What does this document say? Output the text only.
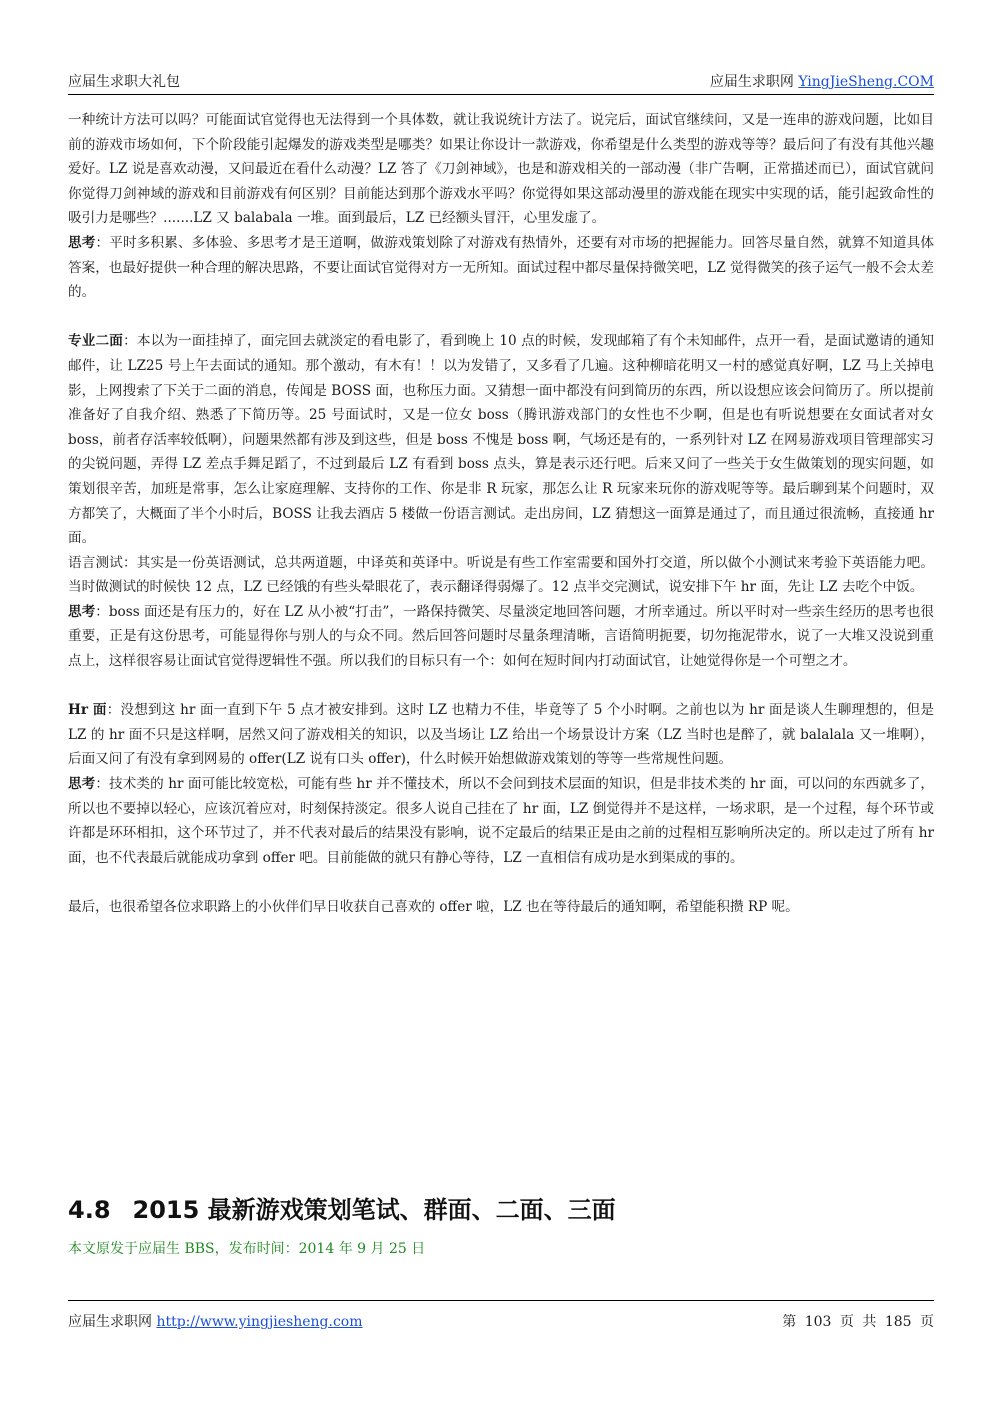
应届生求职大礼包	应届生求职网 YingJieSheng.COM

一种统计方法可以吗？可能面试官觉得也无法得到一个具体数，就让我说统计方法了。说完后，面试官继续问，又是一连串的游戏问题，比如目前的游戏市场如何，下个阶段能引起爆发的游戏类型是哪类？如果让你设计一款游戏，你希望是什么类型的游戏等等？最后问了有没有其他兴趣爱好。LZ 说是喜欢动漫，又问最近在看什么动漫？LZ 答了《刀剑神域》，也是和游戏相关的一部动漫（非广告啊，正常描述而已），面试官就问你觉得刀剑神域的游戏和目前游戏有何区别？目前能达到那个游戏水平吗？你觉得如果这部动漫里的游戏能在现实中实现的话，能引起致命性的吸引力是哪些？.......LZ 又 balabala 一堆。面到最后，LZ 已经额头冒汗，心里发虚了。

思考：平时多积累、多体验、多思考才是王道啊，做游戏策划除了对游戏有热情外，还要有对市场的把握能力。回答尽量自然，就算不知道具体答案，也最好提供一种合理的解决思路，不要让面试官觉得对方一无所知。面试过程中都尽量保持微笑吧，LZ 觉得微笑的孩子运气一般不会太差的。

专业二面：本以为一面挂掉了，面完回去就淡定的看电影了，看到晚上 10 点的时候，发现邮箱了有个未知邮件，点开一看，是面试邀请的通知邮件，让 LZ25 号上午去面试的通知。那个激动，有木有！！以为发错了，又多看了几遍。这种柳暗花明又一村的感觉真好啊，LZ 马上关掉电影，上网搜索了下关于二面的消息，传闻是 BOSS 面，也称压力面。又猜想一面中都没有问到简历的东西，所以设想应该会问简历了。所以提前准备好了自我介绍、熟悉了下简历等。25 号面试时，又是一位女 boss（腾讯游戏部门的女性也不少啊，但是也有听说想要在女面试者对女 boss，前者存活率较低啊），问题果然都有涉及到这些，但是 boss 不愧是 boss 啊，气场还是有的，一系列针对 LZ 在网易游戏项目管理部实习的尖锐问题，弄得 LZ 差点手舞足蹈了，不过到最后 LZ 有看到 boss 点头，算是表示还行吧。后来又问了一些关于女生做策划的现实问题，如策划很辛苦，加班是常事，怎么让家庭理解、支持你的工作、你是非 R 玩家，那怎么让 R 玩家来玩你的游戏呢等等。最后聊到某个问题时，双方都笑了，大概面了半个小时后，BOSS 让我去酒店 5 楼做一份语言测试。走出房间，LZ 猜想这一面算是通过了，而且通过很流畅，直接通 hr 面。

语言测试：其实是一份英语测试，总共两道题，中译英和英译中。听说是有些工作室需要和国外打交道，所以做个小测试来考验下英语能力吧。当时做测试的时候快 12 点，LZ 已经饿的有些头晕眼花了，表示翻译得弱爆了。12 点半交完测试，说安排下午 hr 面，先让 LZ 去吃个中饭。

思考：boss 面还是有压力的，好在 LZ 从小被“打击”，一路保持微笑、尽量淡定地回答问题，才所幸通过。所以平时对一些亲生经历的思考也很重要，正是有这份思考，可能显得你与别人的与众不同。然后回答问题时尽量条理清晰，言语简明扼要，切勿拖泥带水，说了一大堆又没说到重点上，这样很容易让面试官觉得逻辑性不强。所以我们的目标只有一个：如何在短时间内打动面试官，让她觉得你是一个可塑之才。

Hr 面：没想到这 hr 面一直到下午 5 点才被安排到。这时 LZ 也精力不佳，毕竟等了 5 个小时啊。之前也以为 hr 面是谈人生聊理想的，但是 LZ 的 hr 面不只是这样啊，居然又问了游戏相关的知识，以及当场让 LZ 给出一个场景设计方案（LZ 当时也是醉了，就 balalala 又一堆啊），后面又问了有没有拿到网易的 offer(LZ 说有口头 offer)，什么时候开始想做游戏策划的等等一些常规性问题。

思考：技术类的 hr 面可能比较宽松，可能有些 hr 并不懂技术，所以不会问到技术层面的知识，但是非技术类的 hr 面，可以问的东西就多了，所以也不要掉以轻心，应该沉着应对，时刻保持淡定。很多人说自己挂在了 hr 面，LZ 倒觉得并不是这样，一场求职，是一个过程，每个环节或许都是环环相扣，这个环节过了，并不代表对最后的结果没有影响，说不定最后的结果正是由之前的过程相互影响所决定的。所以走过了所有 hr 面，也不代表最后就能成功拿到 offer 吧。目前能做的就只有静心等待，LZ 一直相信有成功是水到渠成的事的。

最后，也很希望各位求职路上的小伙伴们早日收获自己喜欢的 offer 啦，LZ 也在等待最后的通知啊，希望能积攒 RP 呢。

4.8 2015 最新游戏策划笔试、群面、二面、三面
本文原发于应届生 BBS，发布时间：2014 年 9 月 25 日
应届生求职网 http://www.yingjiesheng.com	第 103 页 共 185 页
